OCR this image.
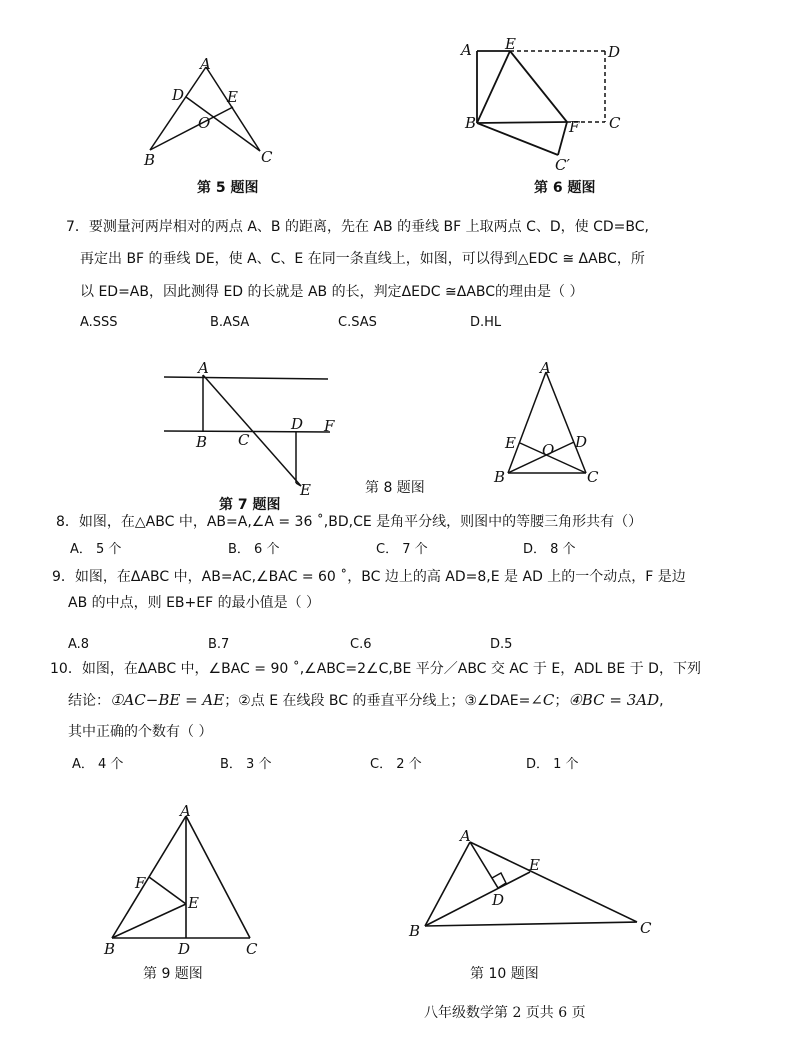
A
D	E
O
B	C
第 5 题图
A E	D
B	F C
C′
第 6 题图
7．要测量河两岸相对的两点 A、B 的距离，先在 AB 的垂线 BF 上取两点 C、D，使 CD=BC,
再定出 BF 的垂线 DE，使 A、C、E 在同一条直线上，如图，可以得到△EDC ≅ ΔABC，所
以 ED=AB，因此测得 ED 的长就是 AB 的长，判定ΔEDC ≅ΔABC的理由是（ ）
A.SSS	B.ASA	C.SAS	D.HL
A
B C
D F
E
第 7 题图
A
E	D
O
B	C
第 8 题图
8．如图，在△ABC 中，AB=A,∠A = 36 ˚,BD,CE 是角平分线，则图中的等腰三角形共有（）
A． 5 个	B． 6 个	C． 7 个	D． 8 个
9．如图，在ΔABC 中，AB=AC,∠BAC = 60 ˚，BC 边上的高 AD=8,E 是 AD 上的一个动点，F 是边
AB 的中点，则 EB+EF 的最小值是（ ）
A.8	B.7	C.6	D.5
10．如图，在ΔABC 中，∠BAC = 90 ˚,∠ABC=2∠C,BE 平分／ABC 交 AC 于 E，ADL BE 于 D，下列
结论：①AC−BE = AE；②点 E 在线段 BC 的垂直平分线上；③∠DAE=∠C；④BC = 3AD,
其中正确的个数有（ ）
A． 4 个	B． 3 个	C． 2 个	D． 1 个
A
F
E
B	D	C
第 9 题图
A
E
D
B	C
第 10 题图
八年级数学第 2 页共 6 页
